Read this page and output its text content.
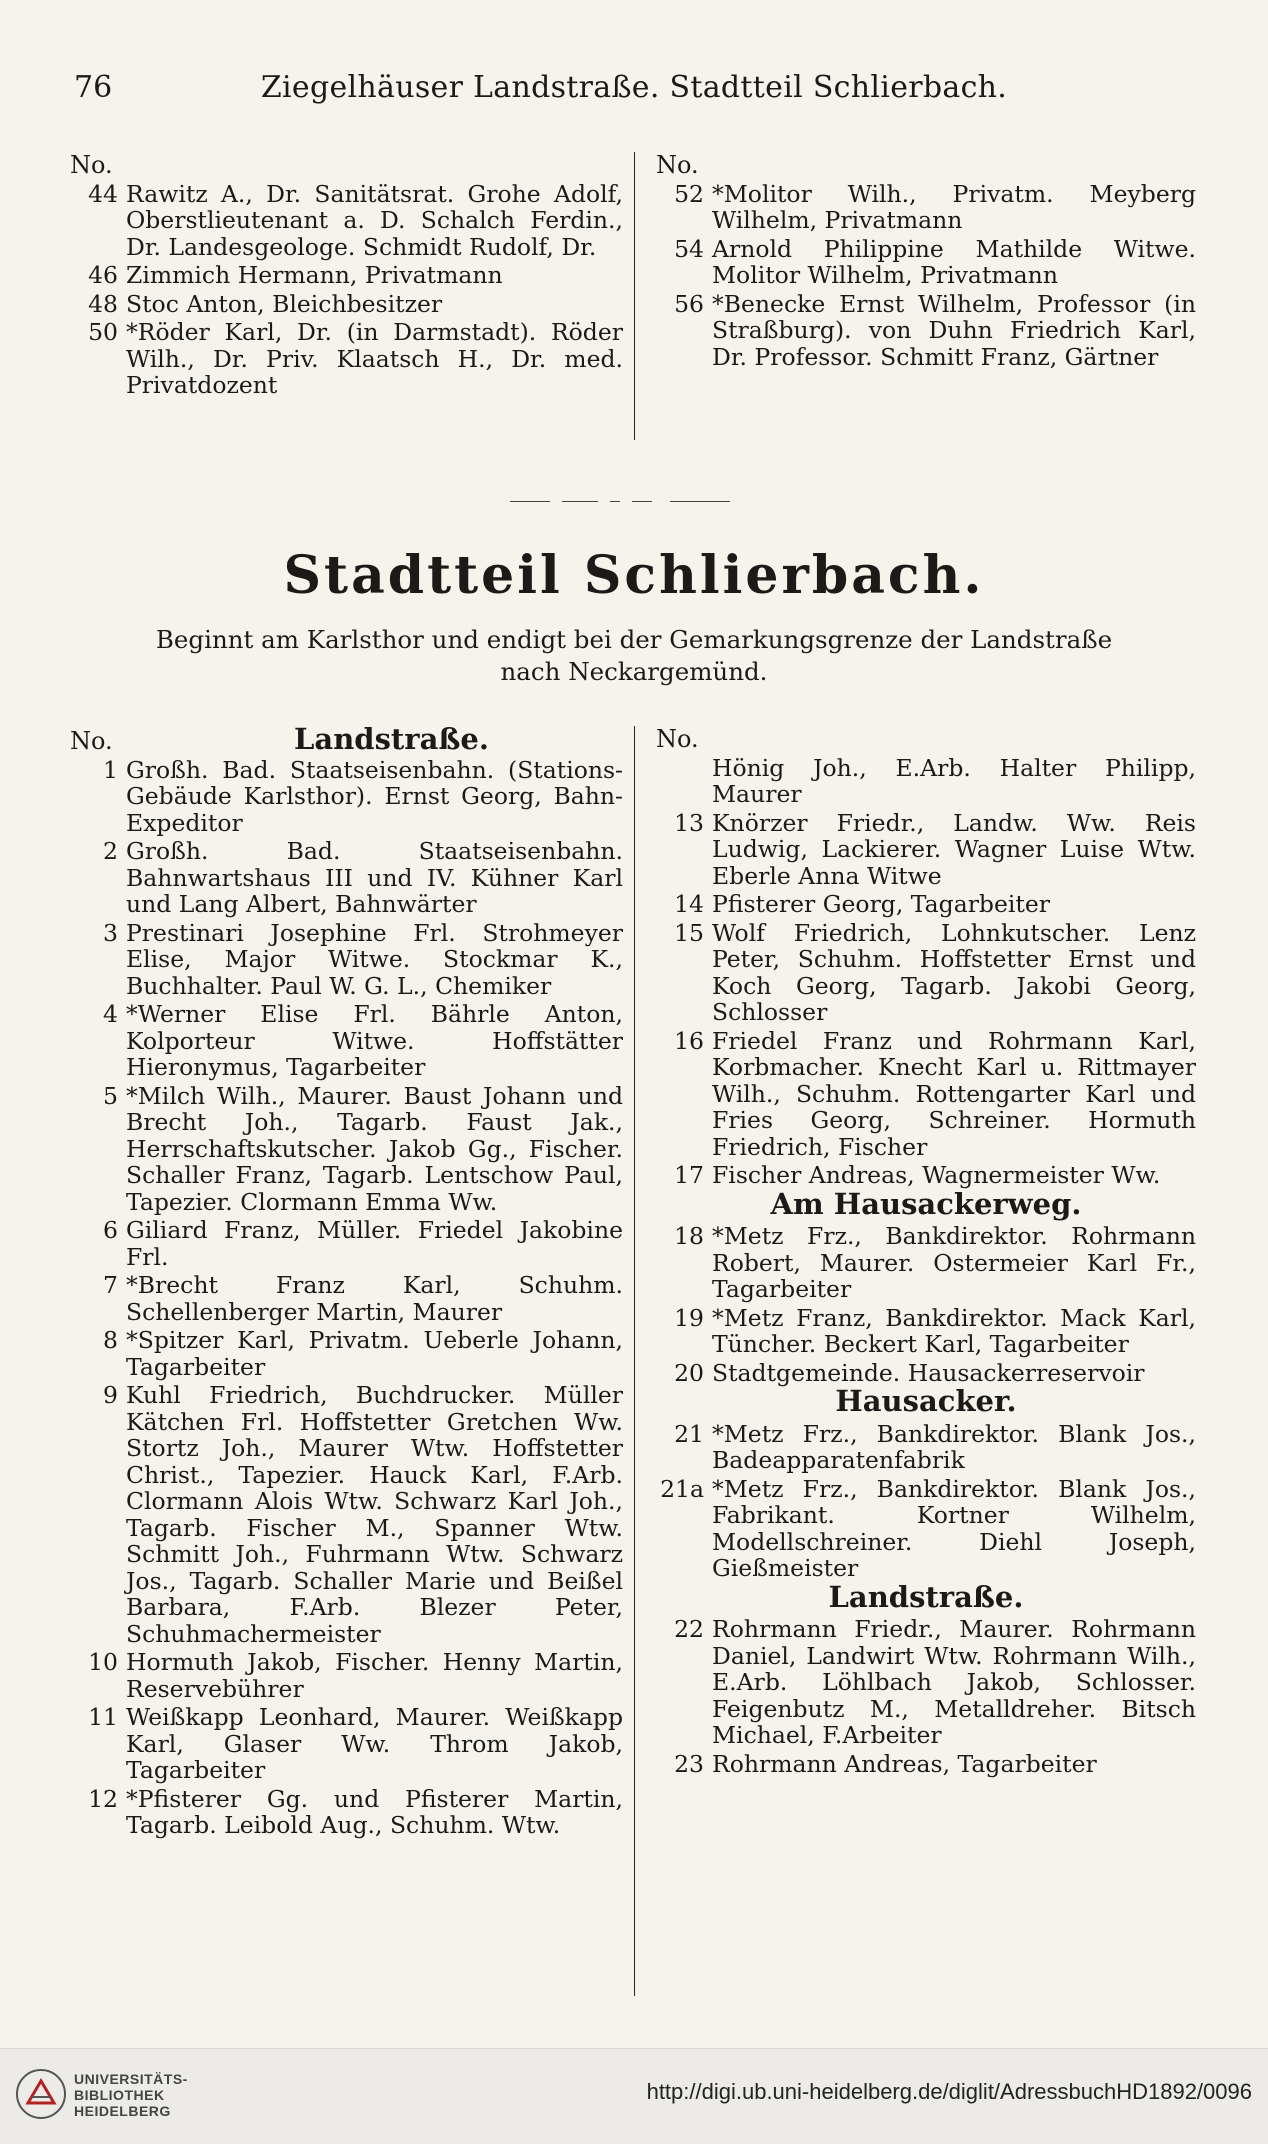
76	Ziegelhäuser Landstraße. Stadtteil Schlierbach.
No.
44 Rawitz A., Dr. Sanitätsrat. Grohe Adolf, Oberstlieutenant a. D. Schalch Ferdin., Dr. Landesgeologe. Schmidt Rudolf, Dr.
46 Zimmich Hermann, Privatmann
48 Stoc Anton, Bleichbesitzer
50 *Röder Karl, Dr. (in Darmstadt). Röder Wilh., Dr. Priv. Klaatsch H., Dr. med. Privatdozent
No.
52 *Molitor Wilh., Privatm. Meyberg Wilhelm, Privatmann
54 Arnold Philippine Mathilde Witwe. Molitor Wilhelm, Privatmann
56 *Benecke Ernst Wilhelm, Professor (in Straßburg). von Duhn Friedrich Karl, Dr. Professor. Schmitt Franz, Gärtner
Stadtteil Schlierbach.
Beginnt am Karlsthor und endigt bei der Gemarkungsgrenze der Landstraße nach Neckargemünd.
No.	Landstraße.
1 Großh. Bad. Staatseisenbahn. (Stations-Gebäude Karlsthor). Ernst Georg, Bahn-Expeditor
2 Großh. Bad. Staatseisenbahn. Bahnwartshaus III und IV. Kühner Karl und Lang Albert, Bahnwärter
3 Prestinari Josephine Frl. Strohmeyer Elise, Major Witwe. Stockmar K., Buchhalter. Paul W. G. L., Chemiker
4 *Werner Elise Frl. Bährle Anton, Kolporteur Witwe. Hoffstätter Hieronymus, Tagarbeiter
5 *Milch Wilh., Maurer. Baust Johann und Brecht Joh., Tagarb. Faust Jak., Herrschaftskutscher. Jakob Gg., Fischer. Schaller Franz, Tagarb. Lentschow Paul, Tapezier. Clormann Emma Ww.
6 Giliard Franz, Müller. Friedel Jakobine Frl.
7 *Brecht Franz Karl, Schuhm. Schellenberger Martin, Maurer
8 *Spitzer Karl, Privatm. Ueberle Johann, Tagarbeiter
9 Kuhl Friedrich, Buchdrucker. Müller Kätchen Frl. Hoffstetter Gretchen Ww. Stortz Joh., Maurer Wtw. Hoffstetter Christ., Tapezier. Hauck Karl, F.Arb. Clormann Alois Wtw. Schwarz Karl Joh., Tagarb. Fischer M., Spanner Wtw. Schmitt Joh., Fuhrmann Wtw. Schwarz Jos., Tagarb. Schaller Marie und Beißel Barbara, F.Arb. Blezer Peter, Schuhmachermeister
10 Hormuth Jakob, Fischer. Henny Martin, Reservebührer
11 Weißkapp Leonhard, Maurer. Weißkapp Karl, Glaser Ww. Throm Jakob, Tagarbeiter
12 *Pfisterer Gg. und Pfisterer Martin, Tagarb. Leibold Aug., Schuhm. Wtw.
No.
Hönig Joh., E.Arb. Halter Philipp, Maurer
13 Knörzer Friedr., Landw. Ww. Reis Ludwig, Lackierer. Wagner Luise Wtw. Eberle Anna Witwe
14 Pfisterer Georg, Tagarbeiter
15 Wolf Friedrich, Lohnkutscher. Lenz Peter, Schuhm. Hoffstetter Ernst und Koch Georg, Tagarb. Jakobi Georg, Schlosser
16 Friedel Franz und Rohrmann Karl, Korbmacher. Knecht Karl u. Rittmayer Wilh., Schuhm. Rottengarter Karl und Fries Georg, Schreiner. Hormuth Friedrich, Fischer
17 Fischer Andreas, Wagnermeister Ww.
Am Hausackerweg.
18 *Metz Frz., Bankdirektor. Rohrmann Robert, Maurer. Ostermeier Karl Fr., Tagarbeiter
19 *Metz Franz, Bankdirektor. Mack Karl, Tüncher. Beckert Karl, Tagarbeiter
20 Stadtgemeinde. Hausackerreservoir
Hausacker.
21 *Metz Frz., Bankdirektor. Blank Jos., Badeapparatenfabrik
21a *Metz Frz., Bankdirektor. Blank Jos., Fabrikant. Kortner Wilhelm, Modellschreiner. Diehl Joseph, Gießmeister
Landstraße.
22 Rohrmann Friedr., Maurer. Rohrmann Daniel, Landwirt Wtw. Rohrmann Wilh., E.Arb. Löhlbach Jakob, Schlosser. Feigenbutz M., Metalldreher. Bitsch Michael, F.Arbeiter
23 Rohrmann Andreas, Tagarbeiter
UNIVERSITÄTS-
BIBLIOTHEK
HEIDELBERG
http://digi.ub.uni-heidelberg.de/diglit/AdressbuchHD1892/0096
